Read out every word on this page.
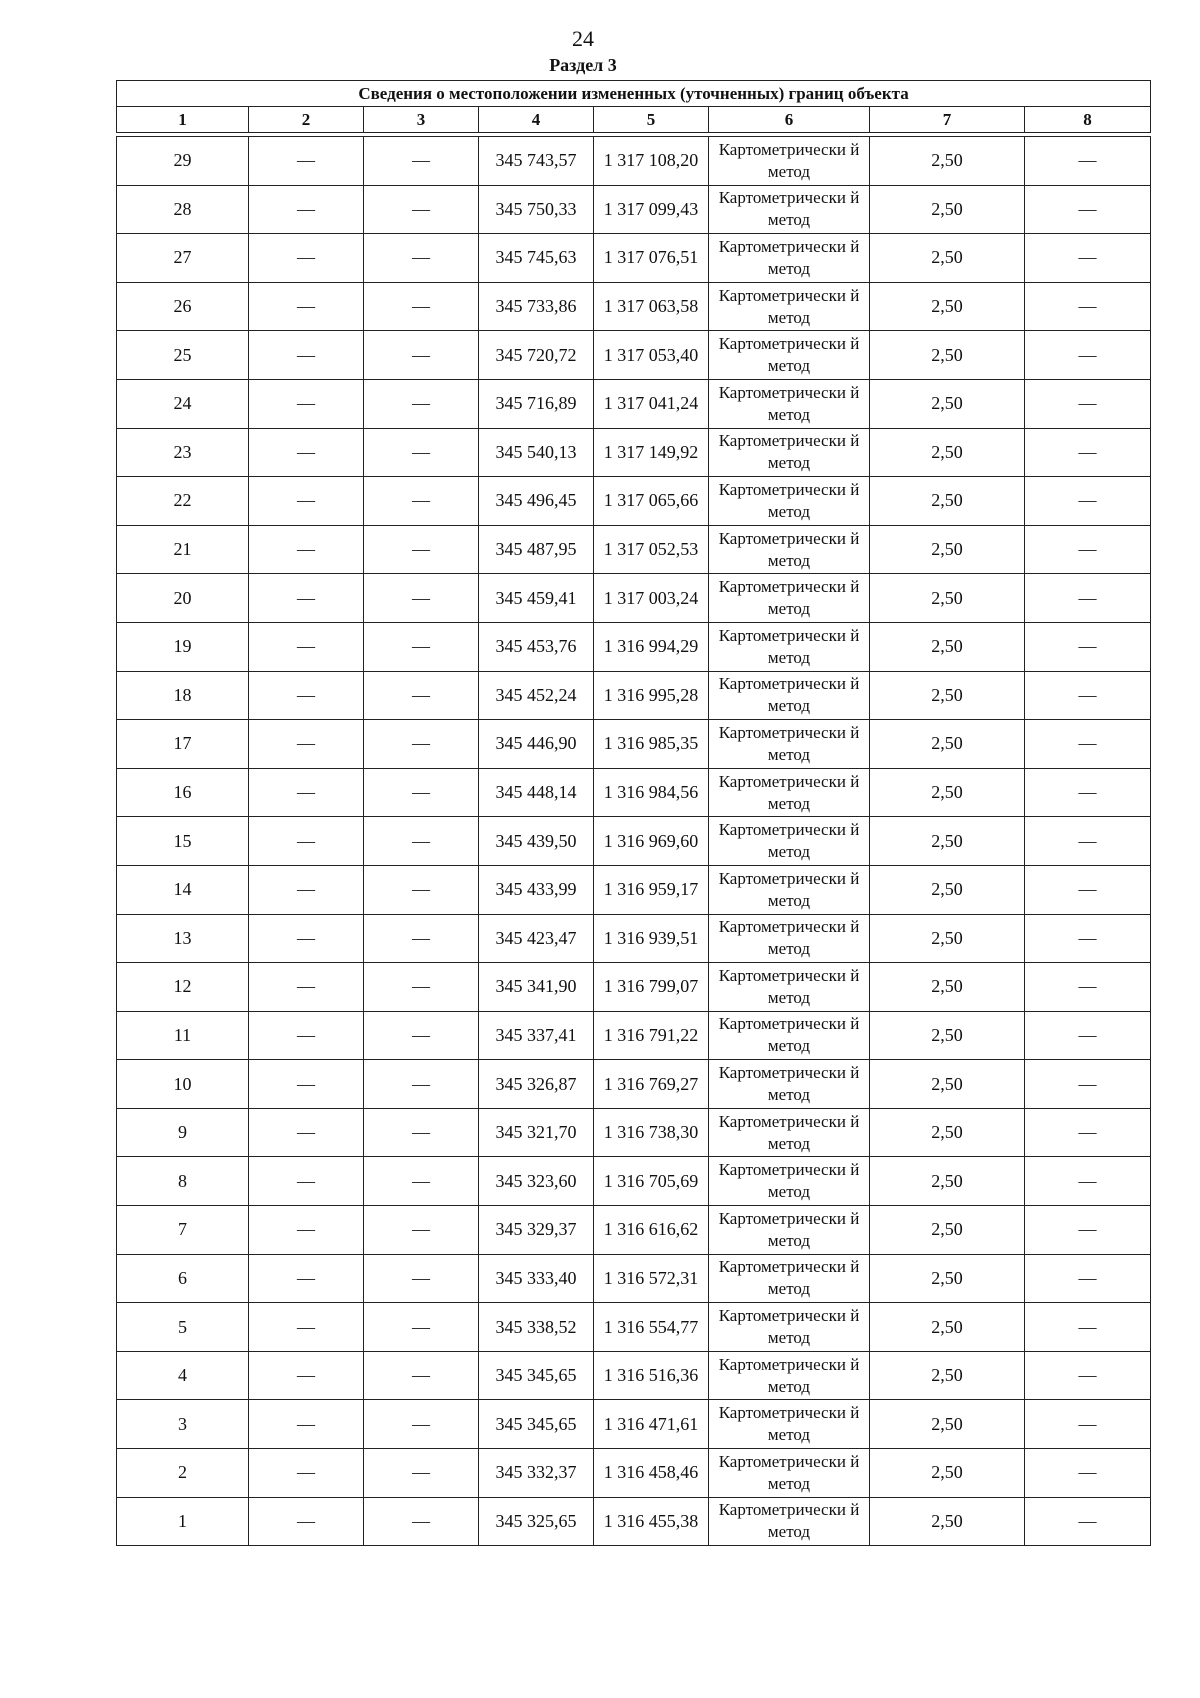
24
Раздел 3
Сведения о местоположении измененных (уточненных) границ объекта							
1	2	3	4	5	6	7	8

29	—	—	345 743,57	1 317 108,20	Картометрически й метод	2,50	—
28	—	—	345 750,33	1 317 099,43	Картометрически й метод	2,50	—
27	—	—	345 745,63	1 317 076,51	Картометрически й метод	2,50	—
26	—	—	345 733,86	1 317 063,58	Картометрически й метод	2,50	—
25	—	—	345 720,72	1 317 053,40	Картометрически й метод	2,50	—
24	—	—	345 716,89	1 317 041,24	Картометрически й метод	2,50	—
23	—	—	345 540,13	1 317 149,92	Картометрически й метод	2,50	—
22	—	—	345 496,45	1 317 065,66	Картометрически й метод	2,50	—
21	—	—	345 487,95	1 317 052,53	Картометрически й метод	2,50	—
20	—	—	345 459,41	1 317 003,24	Картометрически й метод	2,50	—
19	—	—	345 453,76	1 316 994,29	Картометрически й метод	2,50	—
18	—	—	345 452,24	1 316 995,28	Картометрически й метод	2,50	—
17	—	—	345 446,90	1 316 985,35	Картометрически й метод	2,50	—
16	—	—	345 448,14	1 316 984,56	Картометрически й метод	2,50	—
15	—	—	345 439,50	1 316 969,60	Картометрически й метод	2,50	—
14	—	—	345 433,99	1 316 959,17	Картометрически й метод	2,50	—
13	—	—	345 423,47	1 316 939,51	Картометрически й метод	2,50	—
12	—	—	345 341,90	1 316 799,07	Картометрически й метод	2,50	—
11	—	—	345 337,41	1 316 791,22	Картометрически й метод	2,50	—
10	—	—	345 326,87	1 316 769,27	Картометрически й метод	2,50	—
9	—	—	345 321,70	1 316 738,30	Картометрически й метод	2,50	—
8	—	—	345 323,60	1 316 705,69	Картометрически й метод	2,50	—
7	—	—	345 329,37	1 316 616,62	Картометрически й метод	2,50	—
6	—	—	345 333,40	1 316 572,31	Картометрически й метод	2,50	—
5	—	—	345 338,52	1 316 554,77	Картометрически й метод	2,50	—
4	—	—	345 345,65	1 316 516,36	Картометрически й метод	2,50	—
3	—	—	345 345,65	1 316 471,61	Картометрически й метод	2,50	—
2	—	—	345 332,37	1 316 458,46	Картометрически й метод	2,50	—
1	—	—	345 325,65	1 316 455,38	Картометрически й метод	2,50	—
